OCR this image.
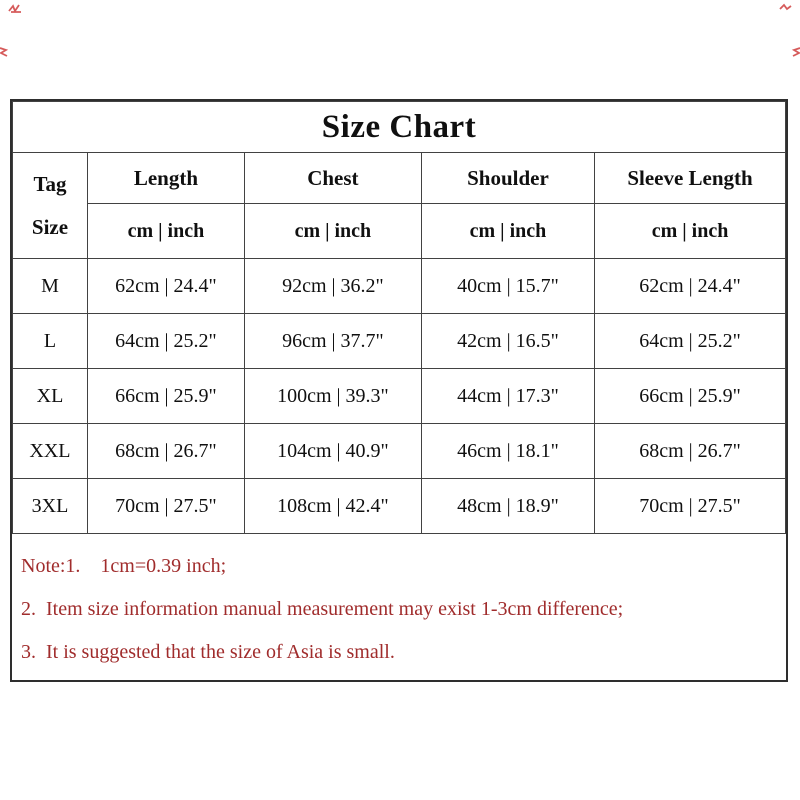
Size Chart				

Tag
Size	Length	Chest	Shoulder	Sleeve Length
	cm | inch	cm | inch	cm | inch	cm | inch
M	62cm | 24.4"	92cm | 36.2"	40cm | 15.7"	62cm | 24.4"
L	64cm | 25.2"	96cm | 37.7"	42cm | 16.5"	64cm | 25.2"
XL	66cm | 25.9"	100cm | 39.3"	44cm | 17.3"	66cm | 25.9"
XXL	68cm | 26.7"	104cm | 40.9"	46cm | 18.1"	68cm | 26.7"
3XL	70cm | 27.5"	108cm | 42.4"	48cm | 18.9"	70cm | 27.5"

Note:1.    1cm=0.39 inch;

2.  Item size information manual measurement may exist 1-3cm difference;

3.  It is suggested that the size of Asia is small.
